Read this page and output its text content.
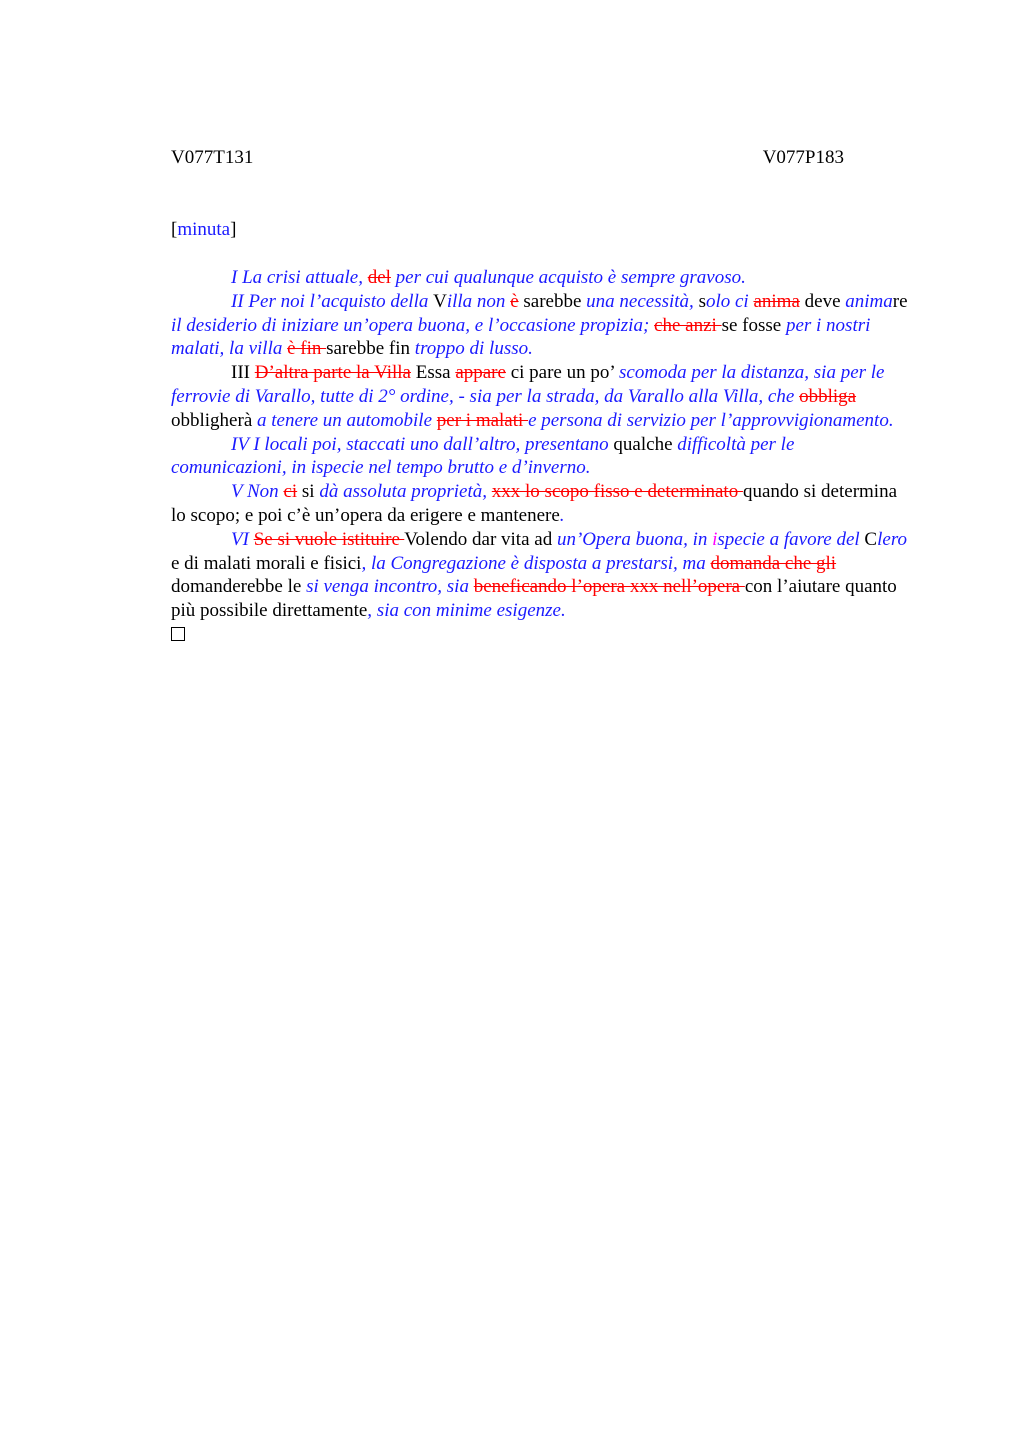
V077T131	V077P183
[minuta]

I La crisi attuale, del per cui qualunque acquisto è sempre gravoso.

II Per noi l’acquisto della Villa non è sarebbe una necessità, solo ci anima deve animare il desiderio di iniziare un’opera buona, e l’occasione propizia; che anzi se fosse per i nostri malati, la villa è fin sarebbe fin troppo di lusso.

III D’altra parte la Villa Essa appare ci pare un po’ scomoda per la distanza, sia per le ferrovie di Varallo, tutte di 2° ordine, - sia per la strada, da Varallo alla Villa, che obbliga obbligherà a tenere un automobile per i malati e persona di servizio per l’approvvigionamento.

IV I locali poi, staccati uno dall’altro, presentano qualche difficoltà per le comunicazioni, in ispecie nel tempo brutto e d’inverno.

V Non ci si dà assoluta proprietà, xxx lo scopo fisso e determinato quando si determina lo scopo; e poi c’è un’opera da erigere e mantenere.

VI Se si vuole istituire Volendo dar vita ad un’Opera buona, in ispecie a favore del Clero e di malati morali e fisici, la Congregazione è disposta a prestarsi, ma domanda che gli domanderebbe le si venga incontro, sia beneficando l’opera xxx nell’opera con l’aiutare quanto più possibile direttamente, sia con minime esigenze.
